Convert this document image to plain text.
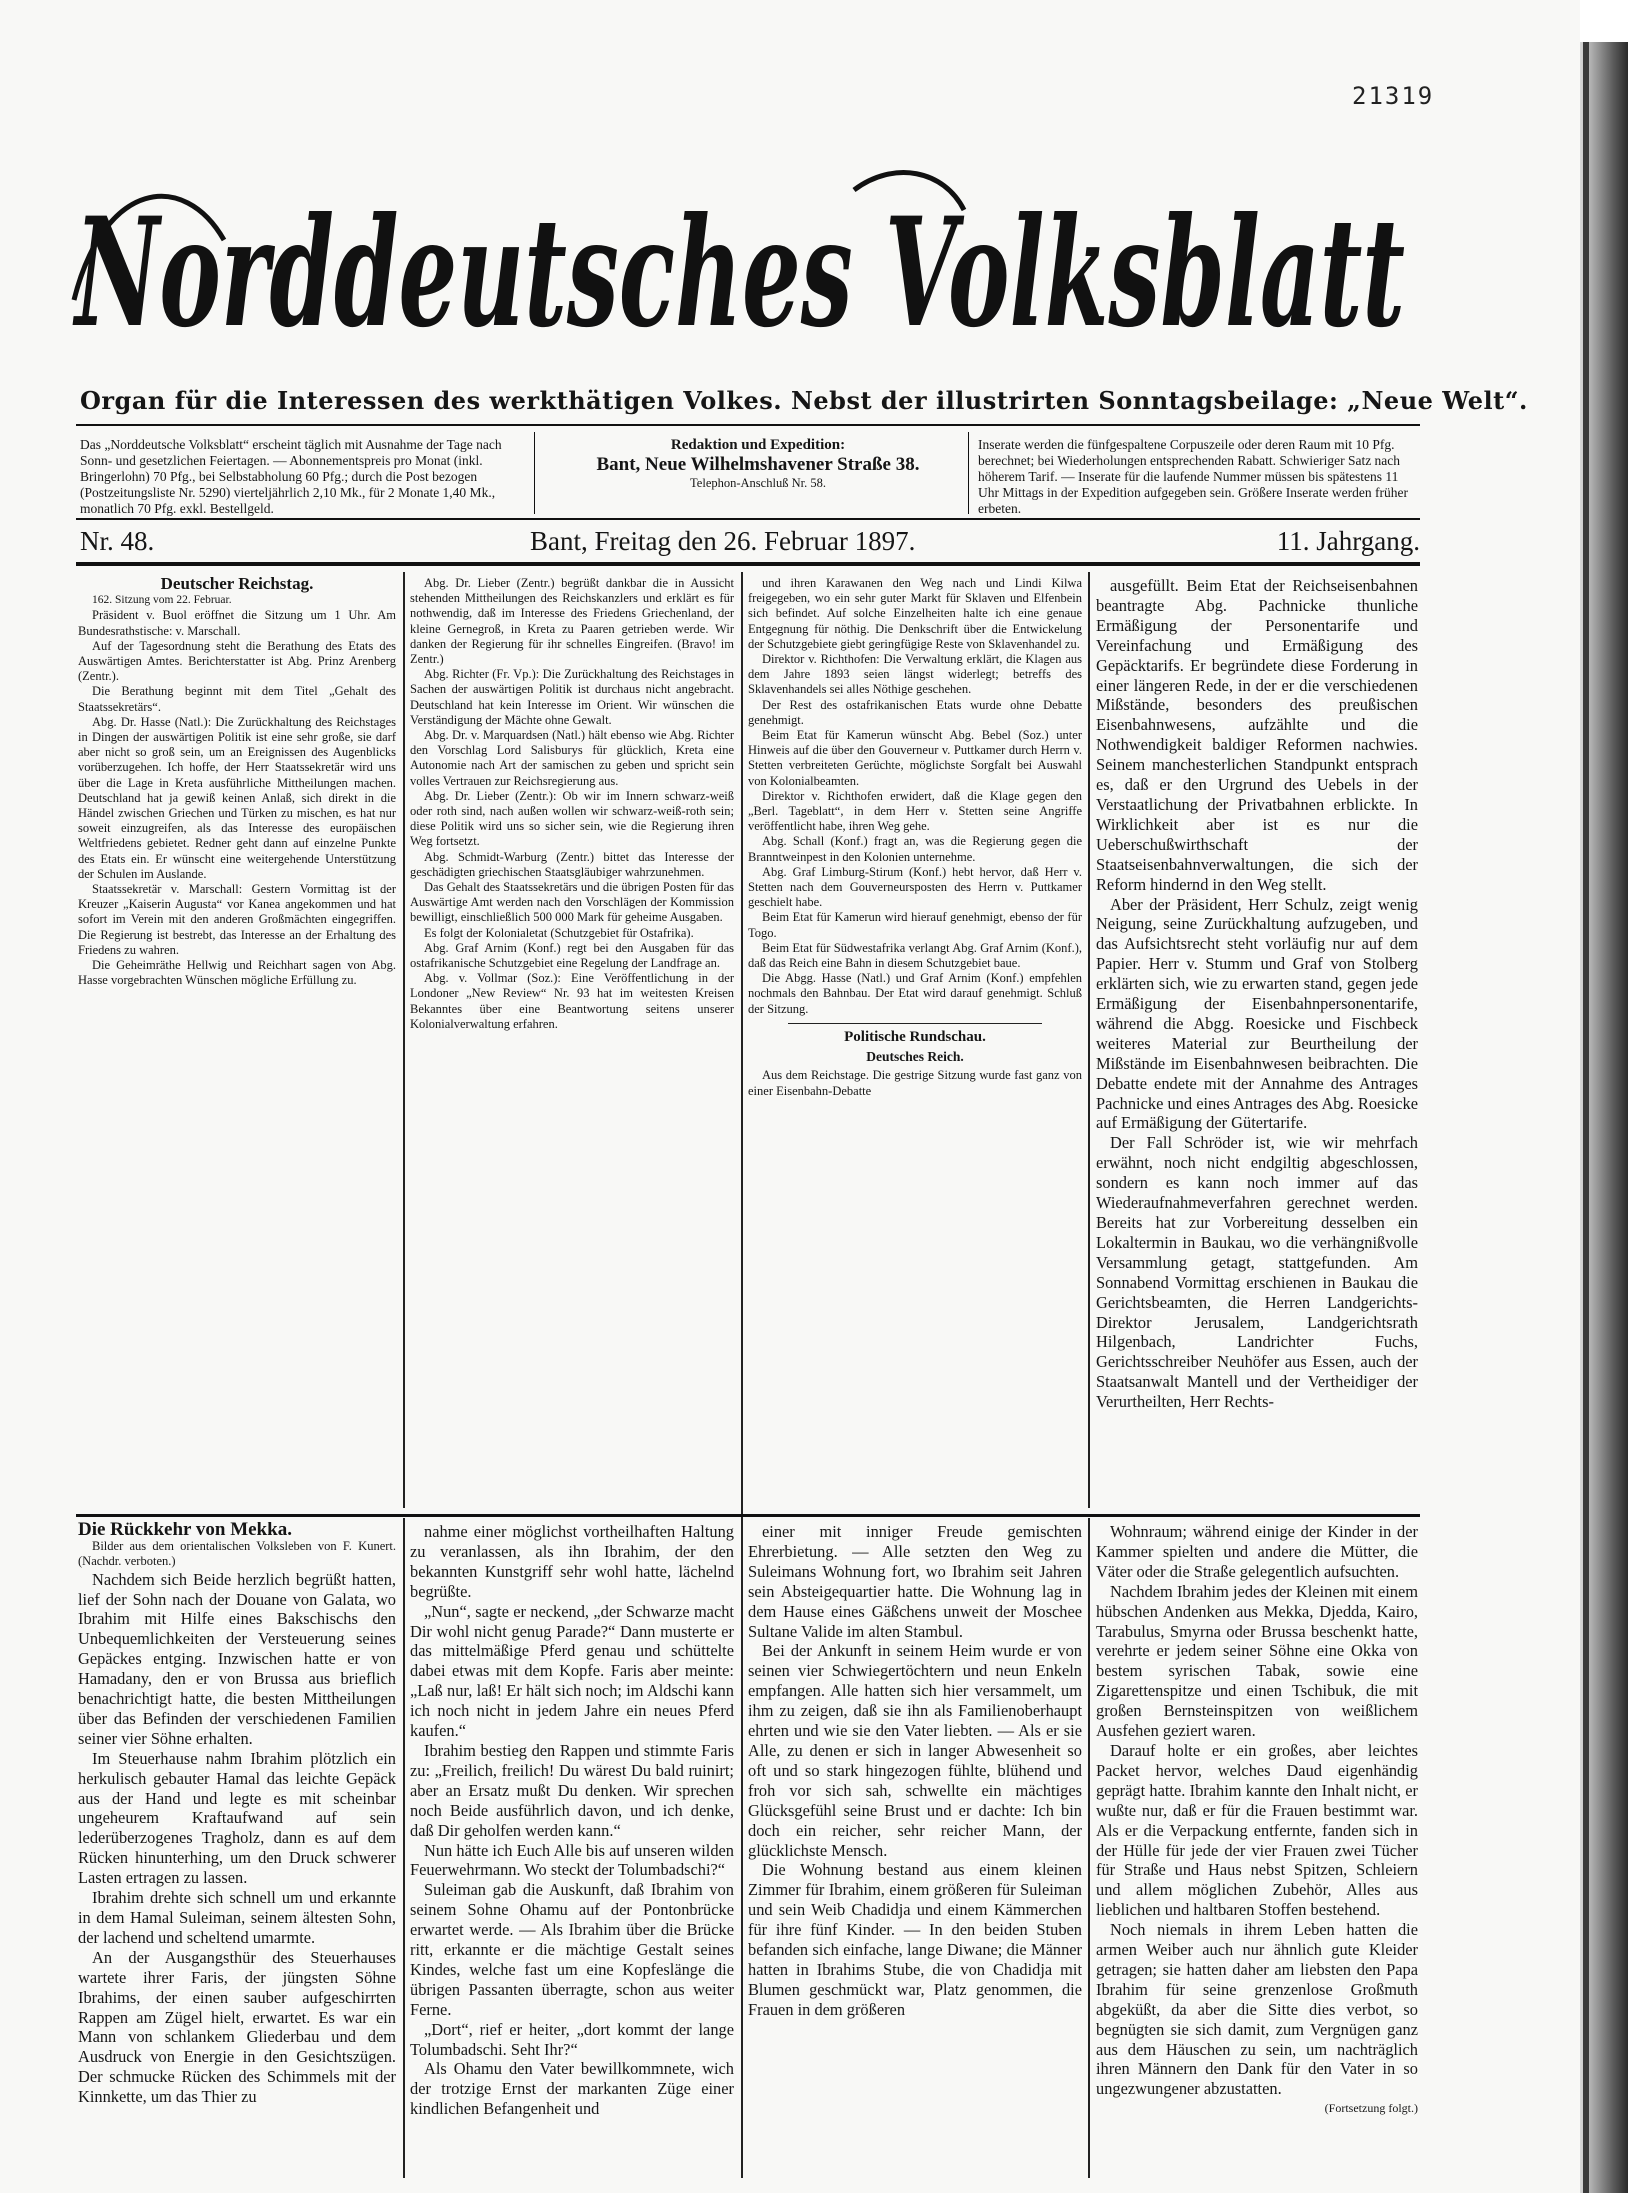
21319
Norddeutsches Volksblatt
Organ für die Interessen des werkthätigen Volkes. Nebst der illustrirten Sonntagsbeilage: „Neue Welt“.
Das „Norddeutsche Volksblatt“ erscheint täglich mit Ausnahme der Tage nach Sonn- und gesetzlichen Feiertagen. — Abonnementspreis pro Monat (inkl. Bringerlohn) 70 Pfg., bei Selbstabholung 60 Pfg.; durch die Post bezogen (Postzeitungsliste Nr. 5290) vierteljährlich 2,10 Mk., für 2 Monate 1,40 Mk., monatlich 70 Pfg. exkl. Bestellgeld.
Redaktion und Expedition:
Bant, Neue Wilhelmshavener Straße 38.
Telephon-Anschluß Nr. 58.
Inserate werden die fünfgespaltene Corpuszeile oder deren Raum mit 10 Pfg. berechnet; bei Wiederholungen entsprechenden Rabatt. Schwieriger Satz nach höherem Tarif. — Inserate für die laufende Nummer müssen bis spätestens 11 Uhr Mittags in der Expedition aufgegeben sein. Größere Inserate werden früher erbeten.
Nr. 48.	Bant, Freitag den 26. Februar 1897.	11. Jahrgang.
Deutscher Reichstag.

162. Sitzung vom 22. Februar.

Präsident v. Buol eröffnet die Sitzung um 1 Uhr. Am Bundesrathstische: v. Marschall.

Auf der Tagesordnung steht die Berathung des Etats des Auswärtigen Amtes. Berichterstatter ist Abg. Prinz Arenberg (Zentr.).

Die Berathung beginnt mit dem Titel „Gehalt des Staatssekretärs“.

Abg. Dr. Hasse (Natl.): Die Zurückhaltung des Reichstages in Dingen der auswärtigen Politik ist eine sehr große, sie darf aber nicht so groß sein, um an Ereignissen des Augenblicks vorüberzugehen. Ich hoffe, der Herr Staatssekretär wird uns über die Lage in Kreta ausführliche Mittheilungen machen. Deutschland hat ja gewiß keinen Anlaß, sich direkt in die Händel zwischen Griechen und Türken zu mischen, es hat nur soweit einzugreifen, als das Interesse des europäischen Weltfriedens gebietet. Redner geht dann auf einzelne Punkte des Etats ein. Er wünscht eine weitergehende Unterstützung der Schulen im Auslande.

Staatssekretär v. Marschall: Gestern Vormittag ist der Kreuzer „Kaiserin Augusta“ vor Kanea angekommen und hat sofort im Verein mit den anderen Großmächten eingegriffen. Die Regierung ist bestrebt, das Interesse an der Erhaltung des Friedens zu wahren.

Die Geheimräthe Hellwig und Reichhart sagen von Abg. Hasse vorgebrachten Wünschen mögliche Erfüllung zu.

Abg. Dr. Lieber (Zentr.) begrüßt dankbar die in Aussicht stehenden Mittheilungen des Reichskanzlers und erklärt es für nothwendig, daß im Interesse des Friedens Griechenland, der kleine Gernegroß, in Kreta zu Paaren getrieben werde. Wir danken der Regierung für ihr schnelles Eingreifen. (Bravo! im Zentr.)

Abg. Richter (Fr. Vp.): Die Zurückhaltung des Reichstages in Sachen der auswärtigen Politik ist durchaus nicht angebracht. Deutschland hat kein Interesse im Orient. Wir wünschen die Verständigung der Mächte ohne Gewalt.

Abg. Dr. v. Marquardsen (Natl.) hält ebenso wie Abg. Richter den Vorschlag Lord Salisburys für glücklich, Kreta eine Autonomie nach Art der samischen zu geben und spricht sein volles Vertrauen zur Reichsregierung aus.

Abg. Dr. Lieber (Zentr.): Ob wir im Innern schwarz-weiß oder roth sind, nach außen wollen wir schwarz-weiß-roth sein; diese Politik wird uns so sicher sein, wie die Regierung ihren Weg fortsetzt.

Abg. Schmidt-Warburg (Zentr.) bittet das Interesse der geschädigten griechischen Staatsgläubiger wahrzunehmen.

Das Gehalt des Staatssekretärs und die übrigen Posten für das Auswärtige Amt werden nach den Vorschlägen der Kommission bewilligt, einschließlich 500 000 Mark für geheime Ausgaben.

Es folgt der Kolonialetat (Schutzgebiet für Ostafrika).

Abg. Graf Arnim (Konf.) regt bei den Ausgaben für das ostafrikanische Schutzgebiet eine Regelung der Landfrage an.

Abg. v. Vollmar (Soz.): Eine Veröffentlichung in der Londoner „New Review“ Nr. 93 hat im weitesten Kreisen Bekanntes über eine Beantwortung seitens unserer Kolonialverwaltung erfahren.

und ihren Karawanen den Weg nach und Lindi Kilwa freigegeben, wo ein sehr guter Markt für Sklaven und Elfenbein sich befindet. Auf solche Einzelheiten halte ich eine genaue Entgegnung für nöthig. Die Denkschrift über die Entwickelung der Schutzgebiete giebt geringfügige Reste von Sklavenhandel zu.

Direktor v. Richthofen: Die Verwaltung erklärt, die Klagen aus dem Jahre 1893 seien längst widerlegt; betreffs des Sklavenhandels sei alles Nöthige geschehen.

Der Rest des ostafrikanischen Etats wurde ohne Debatte genehmigt.

Beim Etat für Kamerun wünscht Abg. Bebel (Soz.) unter Hinweis auf die über den Gouverneur v. Puttkamer durch Herrn v. Stetten verbreiteten Gerüchte, möglichste Sorgfalt bei Auswahl von Kolonialbeamten.

Direktor v. Richthofen erwidert, daß die Klage gegen den „Berl. Tageblatt“, in dem Herr v. Stetten seine Angriffe veröffentlicht habe, ihren Weg gehe.

Abg. Schall (Konf.) fragt an, was die Regierung gegen die Branntweinpest in den Kolonien unternehme.

Abg. Graf Limburg-Stirum (Konf.) hebt hervor, daß Herr v. Stetten nach dem Gouverneursposten des Herrn v. Puttkamer geschielt habe.

Beim Etat für Kamerun wird hierauf genehmigt, ebenso der für Togo.

Beim Etat für Südwestafrika verlangt Abg. Graf Arnim (Konf.), daß das Reich eine Bahn in diesem Schutzgebiet baue.

Die Abgg. Hasse (Natl.) und Graf Arnim (Konf.) empfehlen nochmals den Bahnbau. Der Etat wird darauf genehmigt. Schluß der Sitzung.

Politische Rundschau.
Deutsches Reich.

Aus dem Reichstage. Die gestrige Sitzung wurde fast ganz von einer Eisenbahn-Debatte

ausgefüllt. Beim Etat der Reichseisenbahnen beantragte Abg. Pachnicke thunliche Ermäßigung der Personentarife und Vereinfachung und Ermäßigung des Gepäcktarifs. Er begründete diese Forderung in einer längeren Rede, in der er die verschiedenen Mißstände, besonders des preußischen Eisenbahnwesens, aufzählte und die Nothwendigkeit baldiger Reformen nachwies. Seinem manchesterlichen Standpunkt entsprach es, daß er den Urgrund des Uebels in der Verstaatlichung der Privatbahnen erblickte. In Wirklichkeit aber ist es nur die Ueberschußwirthschaft der Staatseisenbahnverwaltungen, die sich der Reform hindernd in den Weg stellt.

Aber der Präsident, Herr Schulz, zeigt wenig Neigung, seine Zurückhaltung aufzugeben, und das Aufsichtsrecht steht vorläufig nur auf dem Papier. Herr v. Stumm und Graf von Stolberg erklärten sich, wie zu erwarten stand, gegen jede Ermäßigung der Eisenbahnpersonentarife, während die Abgg. Roesicke und Fischbeck weiteres Material zur Beurtheilung der Mißstände im Eisenbahnwesen beibrachten. Die Debatte endete mit der Annahme des Antrages Pachnicke und eines Antrages des Abg. Roesicke auf Ermäßigung der Gütertarife.

Der Fall Schröder ist, wie wir mehrfach erwähnt, noch nicht endgiltig abgeschlossen, sondern es kann noch immer auf das Wiederaufnahmeverfahren gerechnet werden. Bereits hat zur Vorbereitung desselben ein Lokaltermin in Baukau, wo die verhängnißvolle Versammlung getagt, stattgefunden. Am Sonnabend Vormittag erschienen in Baukau die Gerichtsbeamten, die Herren Landgerichts-Direktor Jerusalem, Landgerichtsrath Hilgenbach, Landrichter Fuchs, Gerichtsschreiber Neuhöfer aus Essen, auch der Staatsanwalt Mantell und der Vertheidiger der Verurtheilten, Herr Rechts-

Die Rückkehr von Mekka.

Bilder aus dem orientalischen Volksleben von F. Kunert. (Nachdr. verboten.)

Nachdem sich Beide herzlich begrüßt hatten, lief der Sohn nach der Douane von Galata, wo Ibrahim mit Hilfe eines Bakschischs den Unbequemlichkeiten der Versteuerung seines Gepäckes entging. Inzwischen hatte er von Hamadany, den er von Brussa aus brieflich benachrichtigt hatte, die besten Mittheilungen über das Befinden der verschiedenen Familien seiner vier Söhne erhalten.

Im Steuerhause nahm Ibrahim plötzlich ein herkulisch gebauter Hamal das leichte Gepäck aus der Hand und legte es mit scheinbar ungeheurem Kraftaufwand auf sein lederüberzogenes Tragholz, dann es auf dem Rücken hinunterhing, um den Druck schwerer Lasten ertragen zu lassen.

Ibrahim drehte sich schnell um und erkannte in dem Hamal Suleiman, seinem ältesten Sohn, der lachend und scheltend umarmte.

An der Ausgangsthür des Steuerhauses wartete ihrer Faris, der jüngsten Söhne Ibrahims, der einen sauber aufgeschirrten Rappen am Zügel hielt, erwartet. Es war ein Mann von schlankem Gliederbau und dem Ausdruck von Energie in den Gesichtszügen. Der schmucke Rücken des Schimmels mit der Kinnkette, um das Thier zu

nahme einer möglichst vortheilhaften Haltung zu veranlassen, als ihn Ibrahim, der den bekannten Kunstgriff sehr wohl hatte, lächelnd begrüßte.

„Nun“, sagte er neckend, „der Schwarze macht Dir wohl nicht genug Parade?“ Dann musterte er das mittelmäßige Pferd genau und schüttelte dabei etwas mit dem Kopfe. Faris aber meinte: „Laß nur, laß! Er hält sich noch; im Aldschi kann ich noch nicht in jedem Jahre ein neues Pferd kaufen.“

Ibrahim bestieg den Rappen und stimmte Faris zu: „Freilich, freilich! Du wärest Du bald ruinirt; aber an Ersatz mußt Du denken. Wir sprechen noch Beide ausführlich davon, und ich denke, daß Dir geholfen werden kann.“

Nun hätte ich Euch Alle bis auf unseren wilden Feuerwehrmann. Wo steckt der Tolumbadschi?“

Suleiman gab die Auskunft, daß Ibrahim von seinem Sohne Ohamu auf der Pontonbrücke erwartet werde. — Als Ibrahim über die Brücke ritt, erkannte er die mächtige Gestalt seines Kindes, welche fast um eine Kopfeslänge die übrigen Passanten überragte, schon aus weiter Ferne.

„Dort“, rief er heiter, „dort kommt der lange Tolumbadschi. Seht Ihr?“

Als Ohamu den Vater bewillkommnete, wich der trotzige Ernst der markanten Züge einer kindlichen Befangenheit und

einer mit inniger Freude gemischten Ehrerbietung. — Alle setzten den Weg zu Suleimans Wohnung fort, wo Ibrahim seit Jahren sein Absteigequartier hatte. Die Wohnung lag in dem Hause eines Gäßchens unweit der Moschee Sultane Valide im alten Stambul.

Bei der Ankunft in seinem Heim wurde er von seinen vier Schwiegertöchtern und neun Enkeln empfangen. Alle hatten sich hier versammelt, um ihm zu zeigen, daß sie ihn als Familienoberhaupt ehrten und wie sie den Vater liebten. — Als er sie Alle, zu denen er sich in langer Abwesenheit so oft und so stark hingezogen fühlte, blühend und froh vor sich sah, schwellte ein mächtiges Glücksgefühl seine Brust und er dachte: Ich bin doch ein reicher, sehr reicher Mann, der glücklichste Mensch.

Die Wohnung bestand aus einem kleinen Zimmer für Ibrahim, einem größeren für Suleiman und sein Weib Chadidja und einem Kämmerchen für ihre fünf Kinder. — In den beiden Stuben befanden sich einfache, lange Diwane; die Männer hatten in Ibrahims Stube, die von Chadidja mit Blumen geschmückt war, Platz genommen, die Frauen in dem größeren

Wohnraum; während einige der Kinder in der Kammer spielten und andere die Mütter, die Väter oder die Straße gelegentlich aufsuchten.

Nachdem Ibrahim jedes der Kleinen mit einem hübschen Andenken aus Mekka, Djedda, Kairo, Tarabulus, Smyrna oder Brussa beschenkt hatte, verehrte er jedem seiner Söhne eine Okka von bestem syrischen Tabak, sowie eine Zigarettenspitze und einen Tschibuk, die mit großen Bernsteinspitzen von weißlichem Ausfehen geziert waren.

Darauf holte er ein großes, aber leichtes Packet hervor, welches Daud eigenhändig geprägt hatte. Ibrahim kannte den Inhalt nicht, er wußte nur, daß er für die Frauen bestimmt war. Als er die Verpackung entfernte, fanden sich in der Hülle für jede der vier Frauen zwei Tücher für Straße und Haus nebst Spitzen, Schleiern und allem möglichen Zubehör, Alles aus lieblichen und haltbaren Stoffen bestehend.

Noch niemals in ihrem Leben hatten die armen Weiber auch nur ähnlich gute Kleider getragen; sie hatten daher am liebsten den Papa Ibrahim für seine grenzenlose Großmuth abgeküßt, da aber die Sitte dies verbot, so begnügten sie sich damit, zum Vergnügen ganz aus dem Häuschen zu sein, um nachträglich ihren Männern den Dank für den Vater in so ungezwungener abzustatten.

(Fortsetzung folgt.)
